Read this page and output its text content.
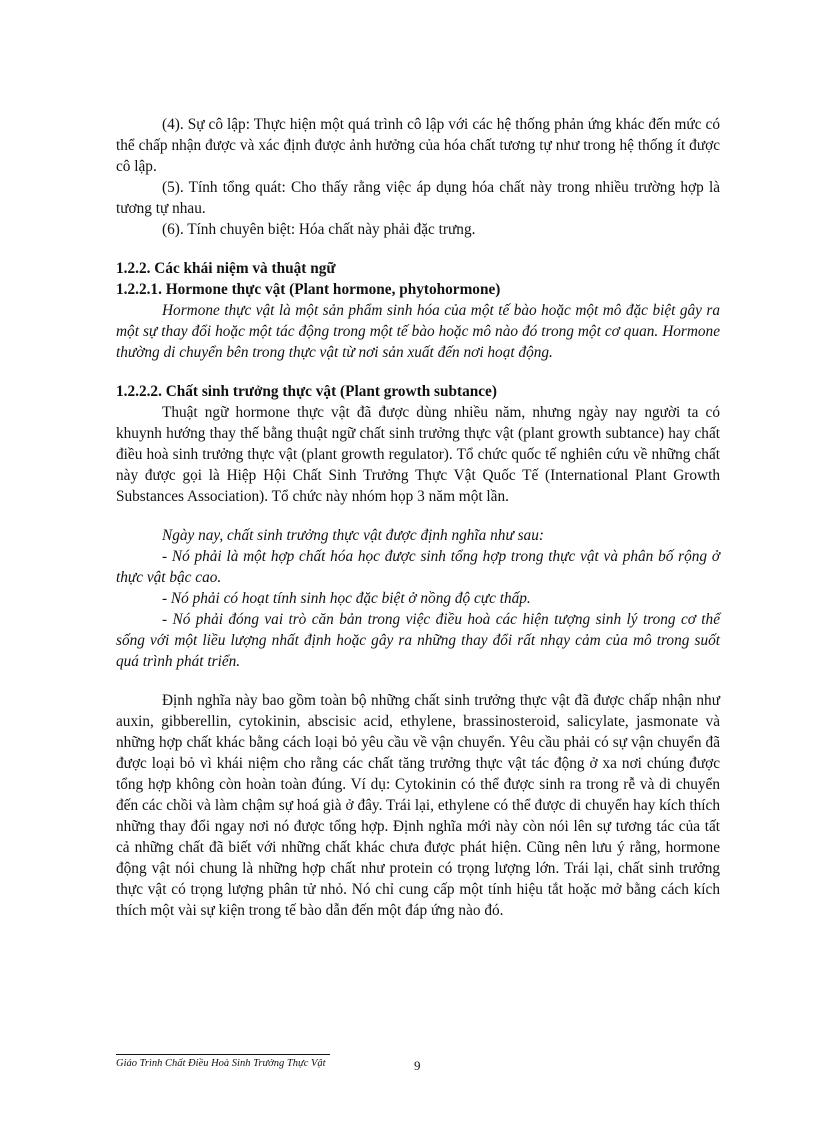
(4). Sự cô lập: Thực hiện một quá trình cô lập với các hệ thống phản ứng khác đến mức có thể chấp nhận được và xác định được ảnh hưởng của hóa chất tương tự như trong hệ thống ít được cô lập.

(5). Tính tổng quát: Cho thấy rằng việc áp dụng hóa chất này trong nhiều trường hợp là tương tự nhau.

(6). Tính chuyên biệt: Hóa chất này phải đặc trưng.

1.2.2. Các khái niệm và thuật ngữ

1.2.2.1. Hormone thực vật (Plant hormone, phytohormone)

Hormone thực vật là một sản phẩm sinh hóa của một tế bào hoặc một mô đặc biệt gây ra một sự thay đổi hoặc một tác động trong một tế bào hoặc mô nào đó trong một cơ quan. Hormone thường di chuyển bên trong thực vật từ nơi sản xuất đến nơi hoạt động.

1.2.2.2. Chất sinh trưởng thực vật (Plant growth subtance)

Thuật ngữ hormone thực vật đã được dùng nhiều năm, nhưng ngày nay người ta có khuynh hướng thay thế bằng thuật ngữ chất sinh trưởng thực vật (plant growth subtance) hay chất điều hoà sinh trưởng thực vật (plant growth regulator). Tổ chức quốc tế nghiên cứu về những chất này được gọi là Hiệp Hội Chất Sinh Trưởng Thực Vật Quốc Tế (International Plant Growth Substances Association). Tổ chức này nhóm họp 3 năm một lần.

Ngày nay, chất sinh trưởng thực vật được định nghĩa như sau:

- Nó phải là một hợp chất hóa học được sinh tổng hợp trong thực vật và phân bố rộng ở thực vật bậc cao.

- Nó phải có hoạt tính sinh học đặc biệt ở nồng độ cực thấp.

- Nó phải đóng vai trò căn bản trong việc điều hoà các hiện tượng sinh lý trong cơ thể sống với một liều lượng nhất định hoặc gây ra những thay đổi rất nhạy cảm của mô trong suốt quá trình phát triển.

Định nghĩa này bao gồm toàn bộ những chất sinh trưởng thực vật đã được chấp nhận như auxin, gibberellin, cytokinin, abscisic acid, ethylene, brassinosteroid, salicylate, jasmonate và những hợp chất khác bằng cách loại bỏ yêu cầu về vận chuyển. Yêu cầu phải có sự vận chuyển đã được loại bỏ vì khái niệm cho rằng các chất tăng trưởng thực vật tác động ở xa nơi chúng được tổng hợp không còn hoàn toàn đúng. Ví dụ: Cytokinin có thể được sinh ra trong rễ và di chuyển đến các chồi và làm chậm sự hoá già ở đây. Trái lại, ethylene có thể được di chuyển hay kích thích những thay đổi ngay nơi nó được tổng hợp. Định nghĩa mới này còn nói lên sự tương tác của tất cả những chất đã biết với những chất khác chưa được phát hiện. Cũng nên lưu ý rằng, hormone động vật nói chung là những hợp chất như protein có trọng lượng lớn. Trái lại, chất sinh trưởng thực vật có trọng lượng phân tử nhỏ. Nó chỉ cung cấp một tính hiệu tắt hoặc mở bằng cách kích thích một vài sự kiện trong tế bào dẫn đến một đáp ứng nào đó.

Giáo Trình Chất Điều Hoà Sinh Trưởng Thực Vật	9
